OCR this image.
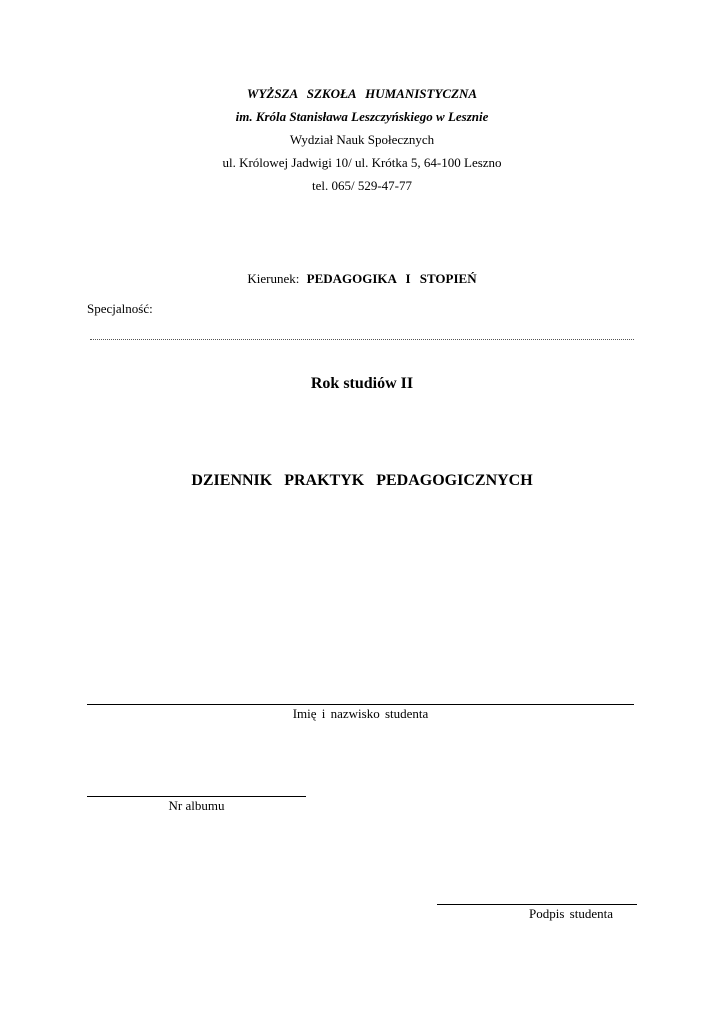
WYŻSZA SZKOŁA HUMANISTYCZNA
im. Króla Stanisława Leszczyńskiego w Lesznie
Wydział Nauk Społecznych
ul. Królowej Jadwigi 10/ ul. Krótka 5, 64-100 Leszno
tel. 065/ 529-47-77
Kierunek: PEDAGOGIKA I STOPIEŃ
Specjalność:
Rok studiów II
DZIENNIK PRAKTYK PEDAGOGICZNYCH
Imię i nazwisko studenta
Nr albumu
Podpis studenta
